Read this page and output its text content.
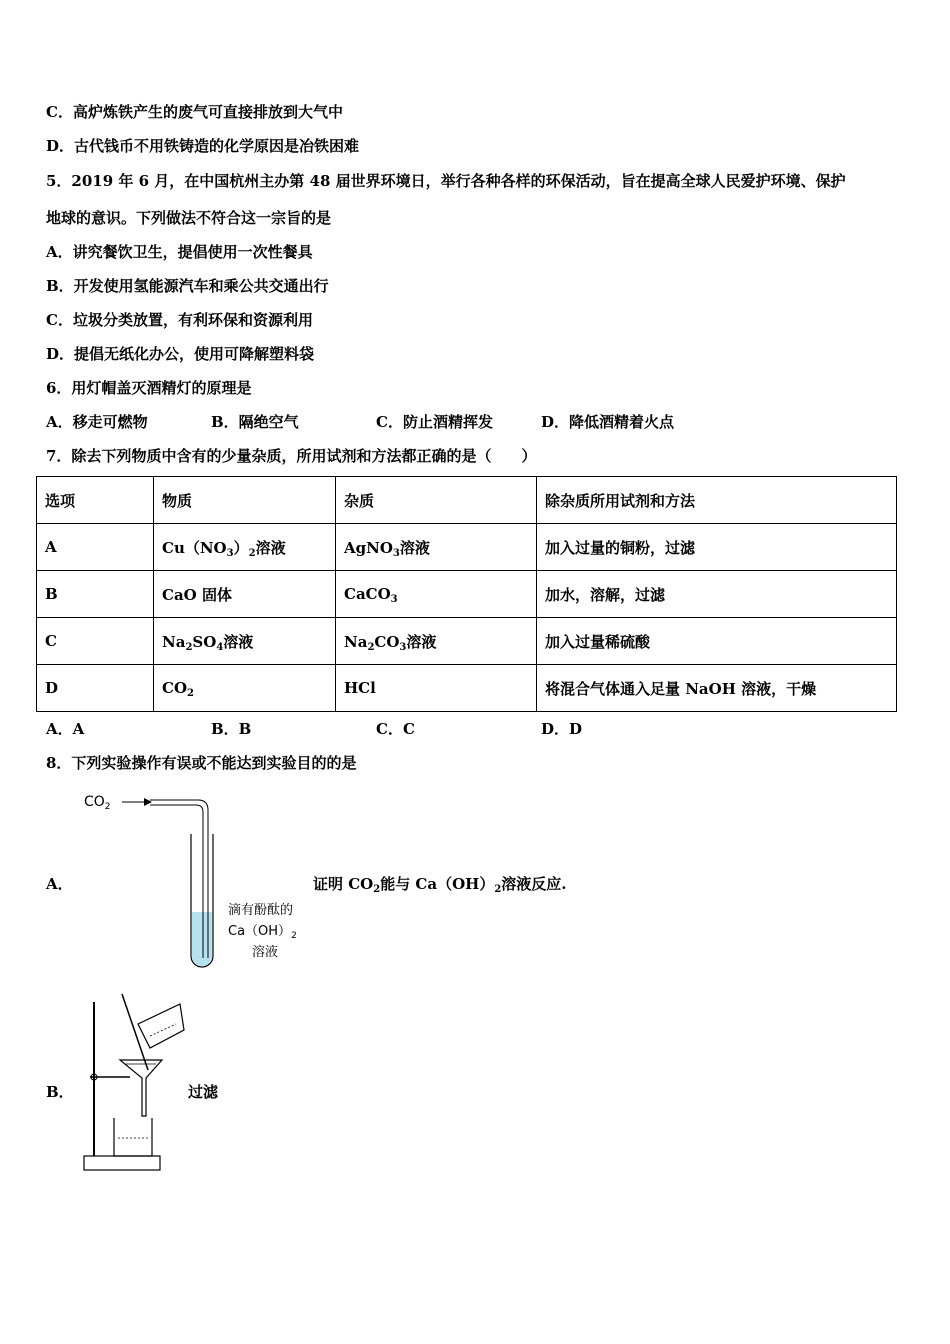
C．高炉炼铁产生的废气可直接排放到大气中
D．古代钱币不用铁铸造的化学原因是冶铁困难
5．2019 年 6 月，在中国杭州主办第 48 届世界环境日，举行各种各样的环保活动，旨在提高全球人民爱护环境、保护
地球的意识。下列做法不符合这一宗旨的是
A．讲究餐饮卫生，提倡使用一次性餐具
B．开发使用氢能源汽车和乘公共交通出行
C．垃圾分类放置，有利环保和资源利用
D．提倡无纸化办公，使用可降解塑料袋
6．用灯帽盖灭酒精灯的原理是
A．移走可燃物	B．隔绝空气	C．防止酒精挥发	D．降低酒精着火点
7．除去下列物质中含有的少量杂质，所用试剂和方法都正确的是（　　）
选项	物质	杂质	除杂质所用试剂和方法
A	$Cu(NO_3)_2$溶液	AgNO$_3$溶液	加入过量的铜粉，过滤
B	CaO 固体	CaCO$_3$	加水，溶解，过滤
C	$Na_2SO_4$溶液	$Na_2CO_3$溶液	加入过量稀硫酸
D	$CO_2$	HCl	将混合气体通入足量 NaOH 溶液，干燥
A．A	B．B	C．C	D．D
8．下列实验操作有误或不能达到实验目的的是
A．
$CO_2$
滴有酚酞的
$Ca(OH)_2$
溶液
证明 $CO_2$能与 $Ca(OH)_2$溶液反应.
B．	过滤
